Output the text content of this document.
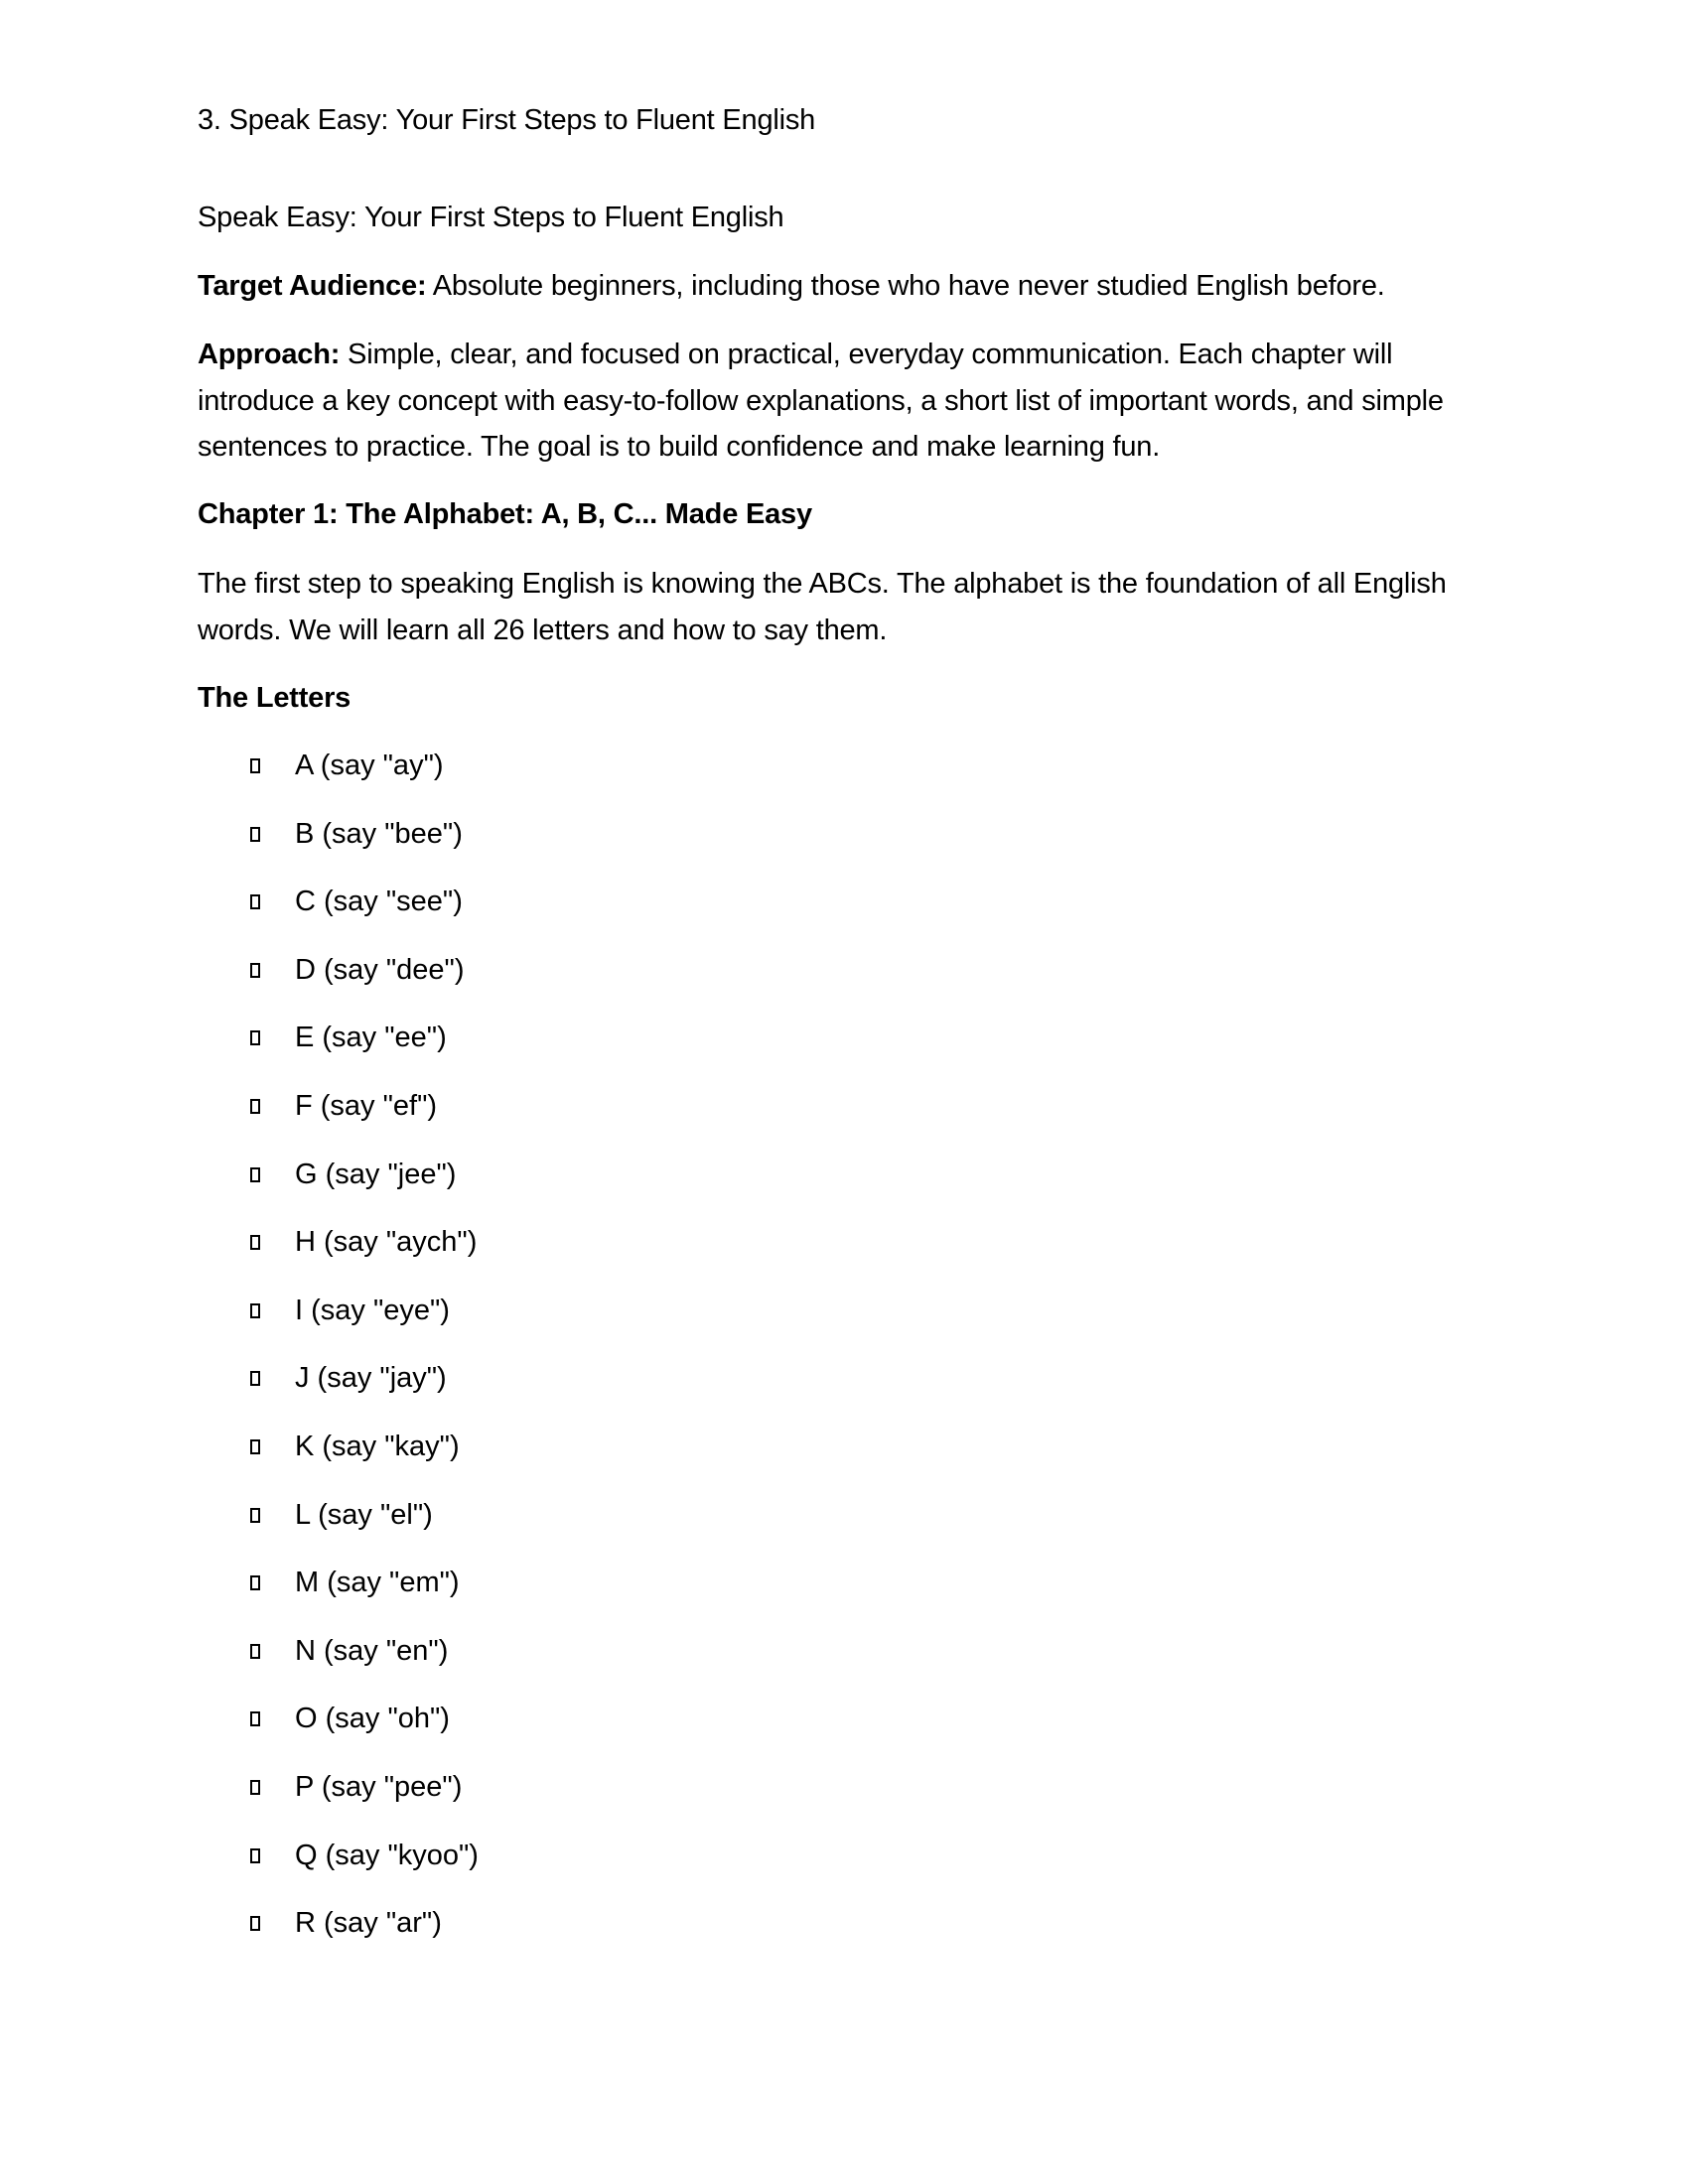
3. Speak Easy: Your First Steps to Fluent English
Speak Easy: Your First Steps to Fluent English
Target Audience: Absolute beginners, including those who have never studied English before.
Approach: Simple, clear, and focused on practical, everyday communication. Each chapter will introduce a key concept with easy-to-follow explanations, a short list of important words, and simple sentences to practice. The goal is to build confidence and make learning fun.
Chapter 1: The Alphabet: A, B, C... Made Easy
The first step to speaking English is knowing the ABCs. The alphabet is the foundation of all English words. We will learn all 26 letters and how to say them.
The Letters
A (say "ay")
B (say "bee")
C (say "see")
D (say "dee")
E (say "ee")
F (say "ef")
G (say "jee")
H (say "aych")
I (say "eye")
J (say "jay")
K (say "kay")
L (say "el")
M (say "em")
N (say "en")
O (say "oh")
P (say "pee")
Q (say "kyoo")
R (say "ar")
